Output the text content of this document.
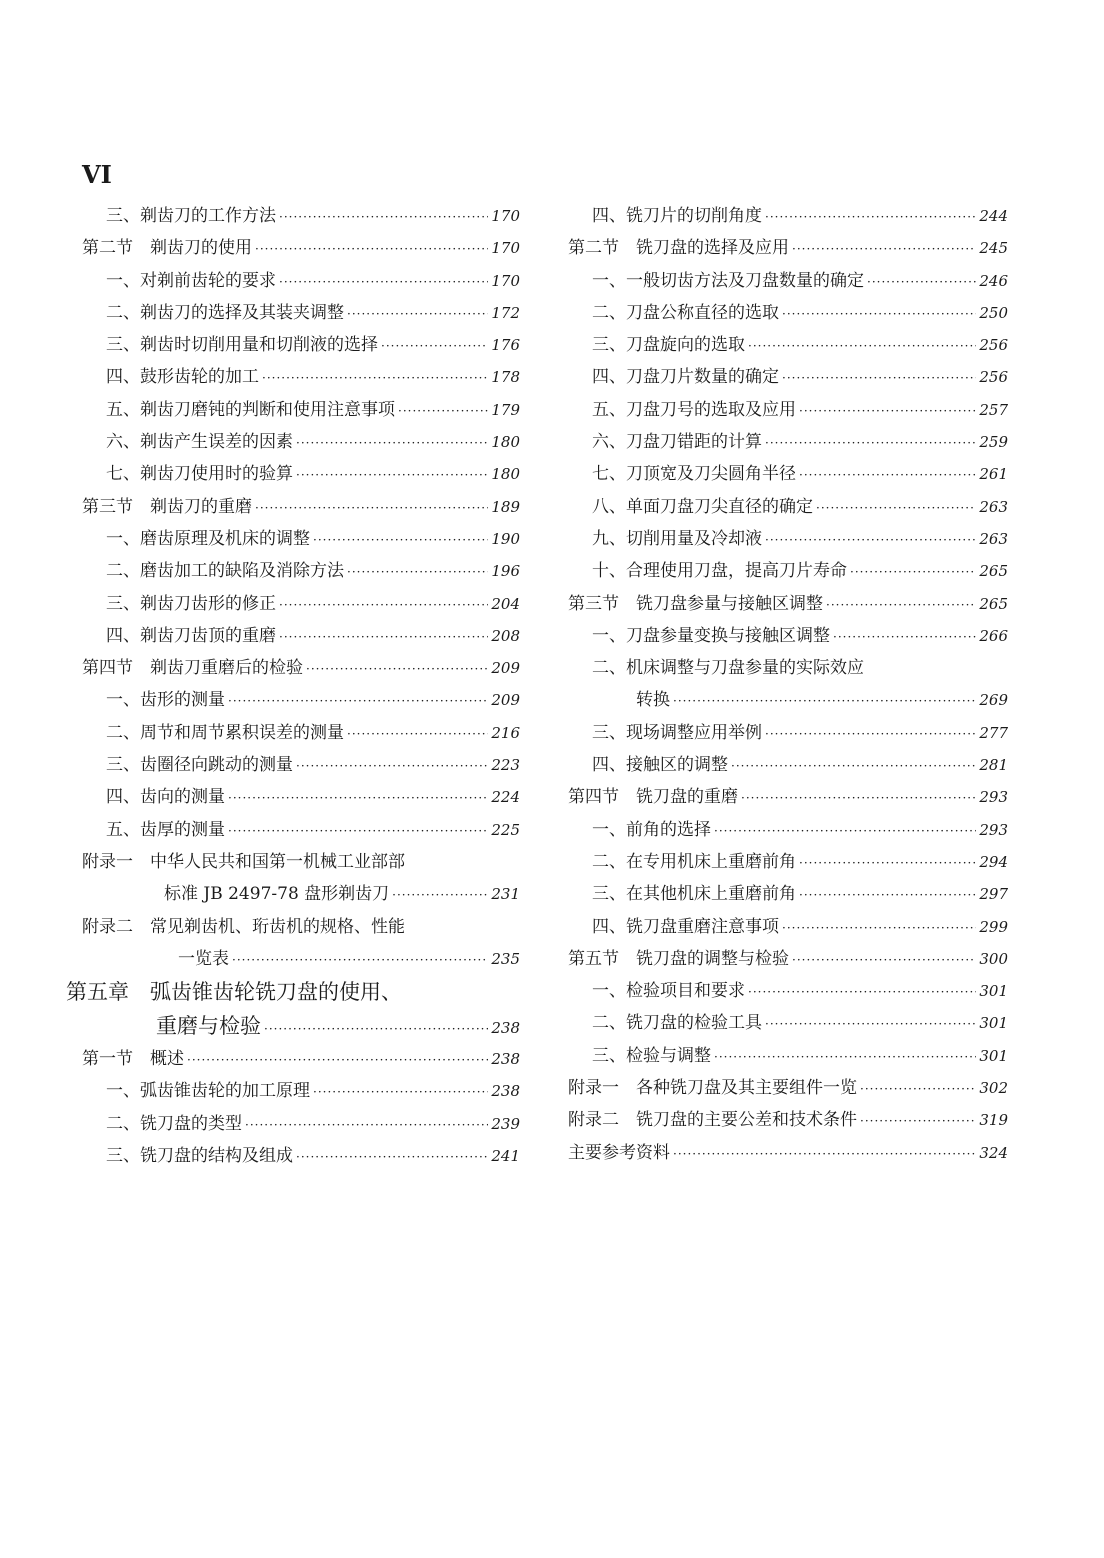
VI
三、剃齿刀的工作方法 ·····	170
第二节　剃齿刀的使用 ·····	170
一、对剃前齿轮的要求 ·····	170
二、剃齿刀的选择及其装夹调整 ·····	172
三、剃齿时切削用量和切削液的选择 ·····	176
四、鼓形齿轮的加工 ·····	178
五、剃齿刀磨钝的判断和使用注意事项 ·····	179
六、剃齿产生误差的因素 ·····	180
七、剃齿刀使用时的验算 ·····	180
第三节　剃齿刀的重磨 ·····	189
一、磨齿原理及机床的调整 ·····	190
二、磨齿加工的缺陷及消除方法 ·····	196
三、剃齿刀齿形的修正 ·····	204
四、剃齿刀齿顶的重磨 ·····	208
第四节　剃齿刀重磨后的检验 ·····	209
一、齿形的测量 ·····	209
二、周节和周节累积误差的测量 ·····	216
三、齿圈径向跳动的测量 ·····	223
四、齿向的测量 ·····	224
五、齿厚的测量 ·····	225
附录一　中华人民共和国第一机械工业部部
标准 JB 2497-78 盘形剃齿刀 ·····	231
附录二　常见剃齿机、珩齿机的规格、性能
一览表 ·····	235
第五章　弧齿锥齿轮铣刀盘的使用、
重磨与检验 ·····	238
第一节　概述 ·····	238
一、弧齿锥齿轮的加工原理 ·····	238
二、铣刀盘的类型 ·····	239
三、铣刀盘的结构及组成 ·····	241
四、铣刀片的切削角度 ·····	244
第二节　铣刀盘的选择及应用 ·····	245
一、一般切齿方法及刀盘数量的确定 ·····	246
二、刀盘公称直径的选取 ·····	250
三、刀盘旋向的选取 ·····	256
四、刀盘刀片数量的确定 ·····	256
五、刀盘刀号的选取及应用 ·····	257
六、刀盘刀错距的计算 ·····	259
七、刀顶宽及刀尖圆角半径 ·····	261
八、单面刀盘刀尖直径的确定 ·····	263
九、切削用量及冷却液 ·····	263
十、合理使用刀盘，提高刀片寿命 ·····	265
第三节　铣刀盘参量与接触区调整 ·····	265
一、刀盘参量变换与接触区调整 ·····	266
二、机床调整与刀盘参量的实际效应
转换 ·····	269
三、现场调整应用举例 ·····	277
四、接触区的调整 ·····	281
第四节　铣刀盘的重磨 ·····	293
一、前角的选择 ·····	293
二、在专用机床上重磨前角 ·····	294
三、在其他机床上重磨前角 ·····	297
四、铣刀盘重磨注意事项 ·····	299
第五节　铣刀盘的调整与检验 ·····	300
一、检验项目和要求 ·····	301
二、铣刀盘的检验工具 ·····	301
三、检验与调整 ·····	301
附录一　各种铣刀盘及其主要组件一览 ·····	302
附录二　铣刀盘的主要公差和技术条件 ·····	319
主要参考资料 ·····	324
